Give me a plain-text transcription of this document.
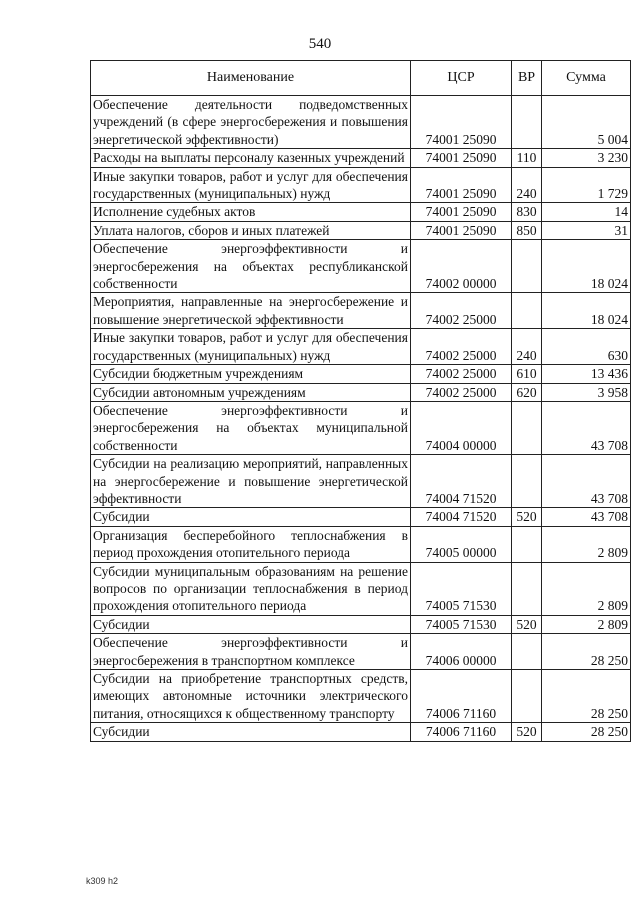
540
Наименование	ЦСР	ВР	Сумма
Обеспечение деятельности подведомственных учреждений (в сфере энергосбережения и повышения энергетической эффективности)	74001 25090		5 004
Расходы на выплаты персоналу казенных учреждений	74001 25090	110	3 230
Иные закупки товаров, работ и услуг для обеспечения государственных (муниципальных) нужд	74001 25090	240	1 729
Исполнение судебных актов	74001 25090	830	14
Уплата налогов, сборов и иных платежей	74001 25090	850	31
Обеспечение энергоэффективности и энергосбережения на объектах республиканской собственности	74002 00000		18 024
Мероприятия, направленные на энергосбережение и повышение энергетической эффективности	74002 25000		18 024
Иные закупки товаров, работ и услуг для обеспечения государственных (муниципальных) нужд	74002 25000	240	630
Субсидии бюджетным учреждениям	74002 25000	610	13 436
Субсидии автономным учреждениям	74002 25000	620	3 958
Обеспечение энергоэффективности и энергосбережения на объектах муниципальной собственности	74004 00000		43 708
Субсидии на реализацию мероприятий, направленных на энергосбережение и повышение энергетической эффективности	74004 71520		43 708
Субсидии	74004 71520	520	43 708
Организация бесперебойного теплоснабжения в период прохождения отопительного периода	74005 00000		2 809
Субсидии муниципальным образованиям на решение вопросов по организации теплоснабжения в период прохождения отопительного периода	74005 71530		2 809
Субсидии	74005 71530	520	2 809
Обеспечение энергоэффективности и энергосбережения в транспортном комплексе	74006 00000		28 250
Субсидии на приобретение транспортных средств, имеющих автономные источники электрического питания, относящихся к общественному транспорту	74006 71160		28 250
Субсидии	74006 71160	520	28 250
k309 h2
